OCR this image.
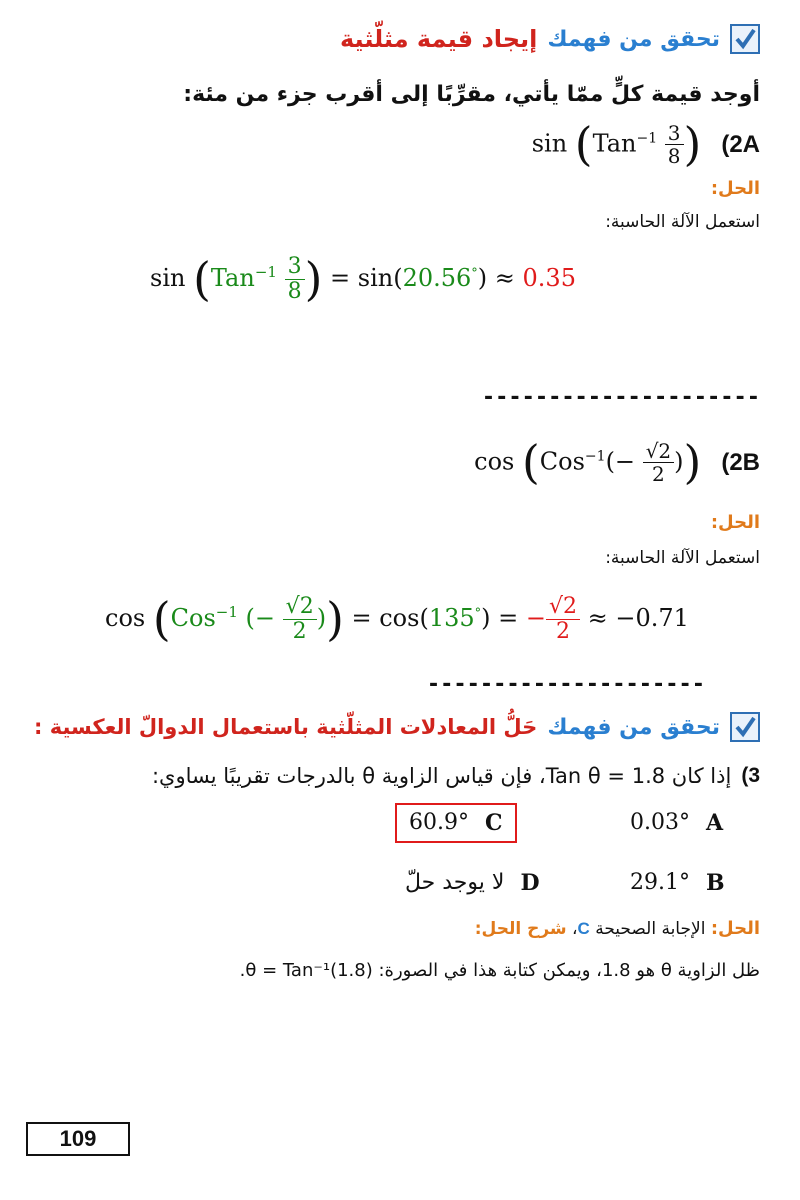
تحقق من فهمك
إيجاد قيمة مثلّثية
أوجد قيمة كلٍّ ممّا يأتي، مقرِّبًا إلى أقرب جزء من مئة:
$\sin (Tan^{-1} \frac{3}{8}$ ) (2A
الحل:
استعمل الآلة الحاسبة:
$\sin (Tan^{-1} \frac{3}{8}$ ) = sin(20.56°) ≈ 0.35
---------------------
$\cos (Cos^{-1}(- \frac{√2}{2}$ )) (2B
الحل:
استعمل الآلة الحاسبة:
cos (Cos$^{-1}$ (− $\frac{√2}{2}$ )) = cos(135°) = − $\frac{√2}{2} \approx -0.71$
---------------------
تحقق من فهمك
حَلُّ المعادلات المثلّثية باستعمال الدوالّ العكسية :
3)
إذا كان Tan θ = 1.8، فإن قياس الزاوية θ بالدرجات تقريبًا يساوي:
0.03° A
29.1° B
60.9° C
لا يوجد حلّ D
الحل: الإجابة الصحيحة C، شرح الحل:
ظل الزاوية θ هو 1.8، ويمكن كتابة هذا في الصورة: θ = Tan⁻¹(1.8).
109
